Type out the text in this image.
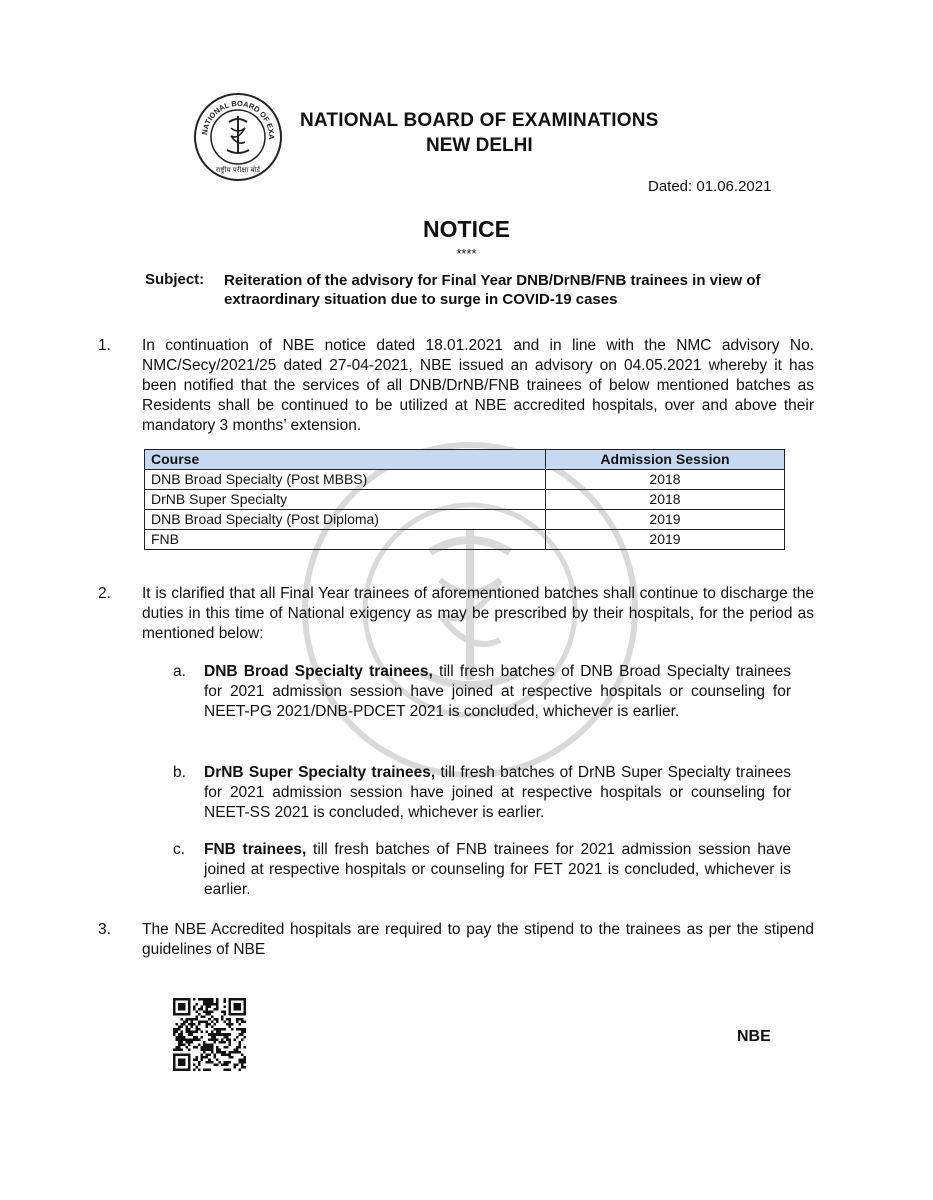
NATIONAL BOARD OF EXA
राष्ट्रीय परीक्षा बोर्ड
NATIONAL BOARD OF EXAMINATIONS
NEW DELHI
Dated: 01.06.2021
NOTICE
****
Subject: Reiteration of the advisory for Final Year DNB/DrNB/FNB trainees in view of extraordinary situation due to surge in COVID-19 cases
1. In continuation of NBE notice dated 18.01.2021 and in line with the NMC advisory No. NMC/Secy/2021/25 dated 27-04-2021, NBE issued an advisory on 04.05.2021 whereby it has been notified that the services of all DNB/DrNB/FNB trainees of below mentioned batches as Residents shall be continued to be utilized at NBE accredited hospitals, over and above their mandatory 3 months’ extension.
Course	Admission Session
DNB Broad Specialty (Post MBBS)	2018
DrNB Super Specialty	2018
DNB Broad Specialty (Post Diploma)	2019
FNB	2019
2. It is clarified that all Final Year trainees of aforementioned batches shall continue to discharge the duties in this time of National exigency as may be prescribed by their hospitals, for the period as mentioned below:
a. DNB Broad Specialty trainees, till fresh batches of DNB Broad Specialty trainees for 2021 admission session have joined at respective hospitals or counseling for NEET-PG 2021/DNB-PDCET 2021 is concluded, whichever is earlier.
b. DrNB Super Specialty trainees, till fresh batches of DrNB Super Specialty trainees for 2021 admission session have joined at respective hospitals or counseling for NEET-SS 2021 is concluded, whichever is earlier.
c. FNB trainees, till fresh batches of FNB trainees for 2021 admission session have joined at respective hospitals or counseling for FET 2021 is concluded, whichever is earlier.
3. The NBE Accredited hospitals are required to pay the stipend to the trainees as per the stipend guidelines of NBE
NBE
